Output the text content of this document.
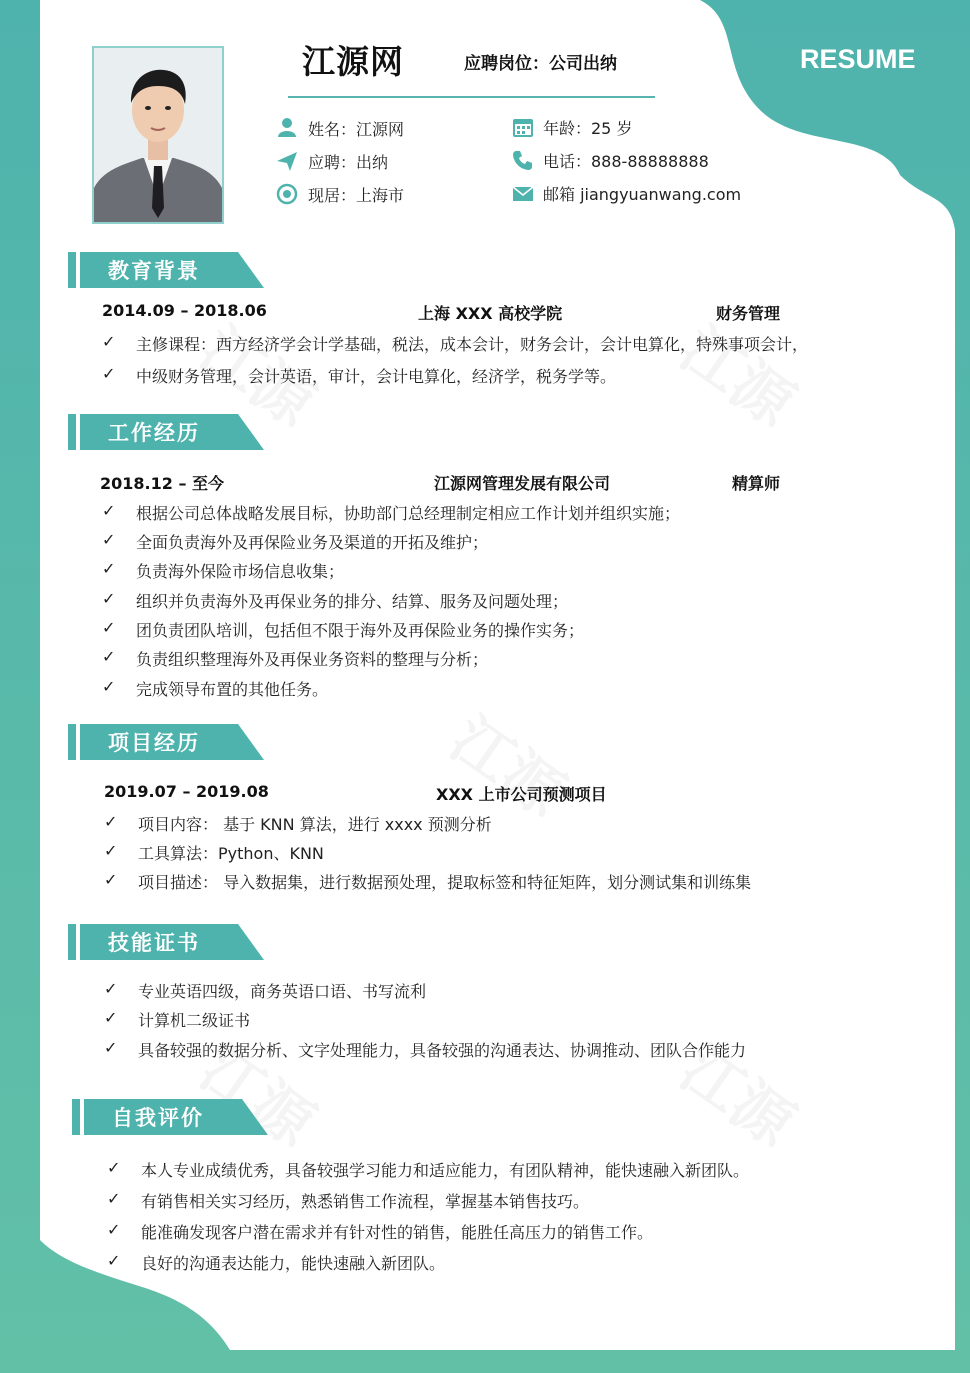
江源网	应聘岗位：公司出纳	RESUME
姓名：江源网
应聘：出纳
现居：上海市
年龄：25 岁
电话：888-88888888
邮箱 jiangyuanwang.com
教育背景
2014.09 – 2018.06	上海 XXX 高校学院	财务管理
✓ 主修课程：西方经济学会计学基础，税法，成本会计，财务会计，会计电算化，特殊事项会计，
✓ 中级财务管理，会计英语，审计，会计电算化，经济学，税务学等。
工作经历
2018.12 – 至今	江源网管理发展有限公司	精算师
✓ 根据公司总体战略发展目标，协助部门总经理制定相应工作计划并组织实施；
✓ 全面负责海外及再保险业务及渠道的开拓及维护；
✓ 负责海外保险市场信息收集；
✓ 组织并负责海外及再保业务的排分、结算、服务及问题处理；
✓ 团负责团队培训，包括但不限于海外及再保险业务的操作实务；
✓ 负责组织整理海外及再保业务资料的整理与分析；
✓ 完成领导布置的其他任务。
项目经历
2019.07 – 2019.08	XXX 上市公司预测项目
✓ 项目内容： 基于 KNN 算法，进行 xxxx 预测分析
✓ 工具算法：Python、KNN
✓ 项目描述： 导入数据集，进行数据预处理，提取标签和特征矩阵，划分测试集和训练集
技能证书
✓ 专业英语四级，商务英语口语、书写流利
✓ 计算机二级证书
✓ 具备较强的数据分析、文字处理能力，具备较强的沟通表达、协调推动、团队合作能力
自我评价
✓ 本人专业成绩优秀，具备较强学习能力和适应能力，有团队精神，能快速融入新团队。
✓ 有销售相关实习经历，熟悉销售工作流程，掌握基本销售技巧。
✓ 能准确发现客户潜在需求并有针对性的销售，能胜任高压力的销售工作。
✓ 良好的沟通表达能力，能快速融入新团队。
